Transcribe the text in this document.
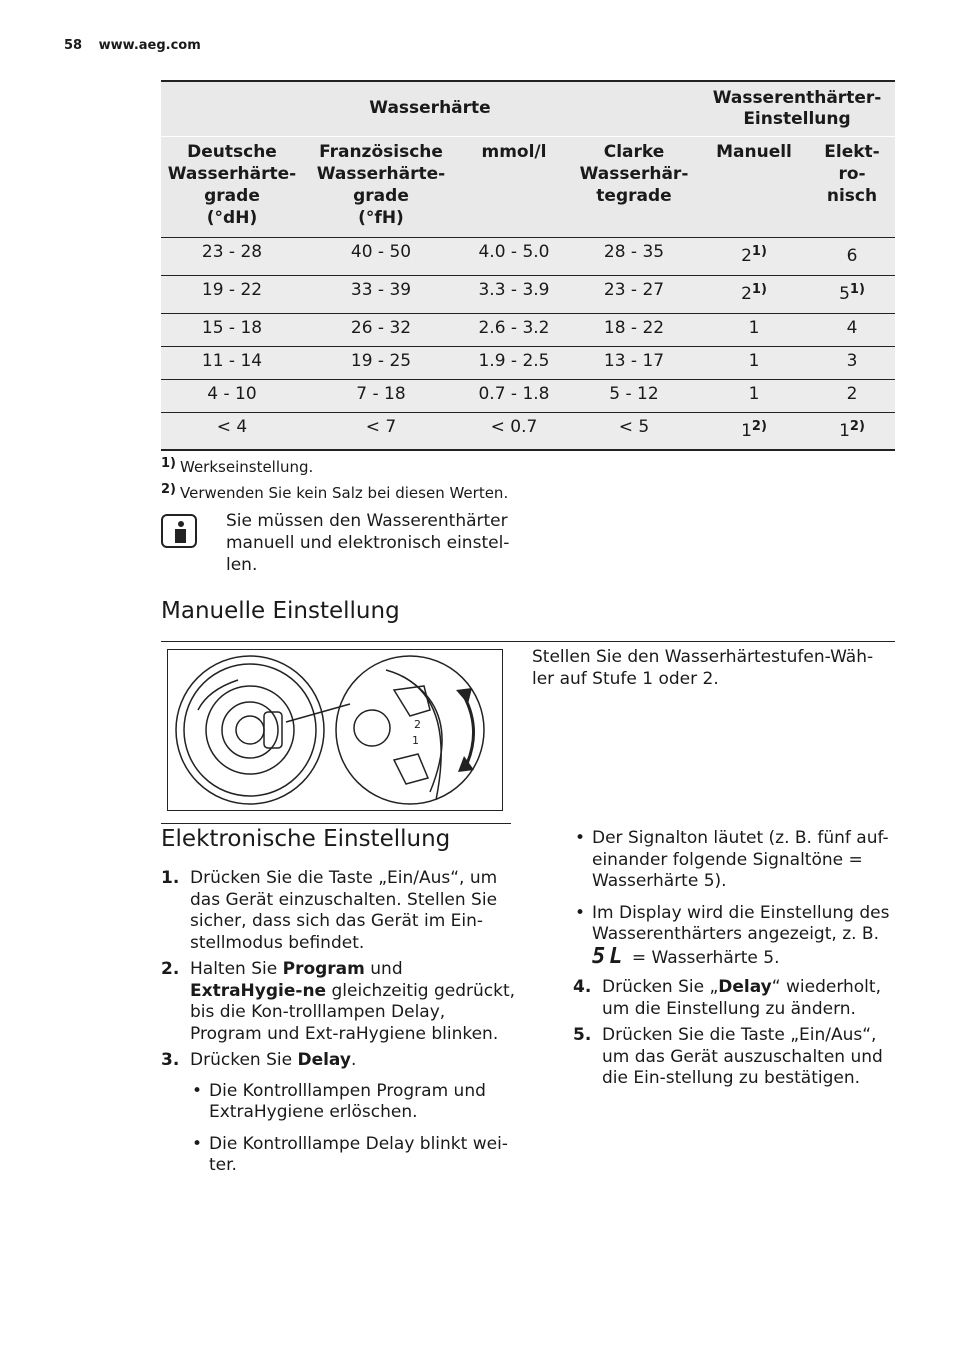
58 www.aeg.com
Wasserhärte				Wasserenthärter-
Einstellung	
Deutsche
Wasserhärte-
grade
(°dH)	Französische
Wasserhärte-
grade
(°fH)	mmol/l	Clarke
Wasserhär-
tegrade	Manuell	Elekt-
ro-
nisch
23 - 28	40 - 50	4.0 - 5.0	28 - 35	2$^{1)}$	6
19 - 22	33 - 39	3.3 - 3.9	23 - 27	2$^{1)}$	5$^{1)}$
15 - 18	26 - 32	2.6 - 3.2	18 - 22	1	4
11 - 14	19 - 25	1.9 - 2.5	13 - 17	1	3
4 - 10	7 - 18	0.7 - 1.8	5 - 12	1	2
< 4	< 7	< 0.7	< 5	1$^{2)}$	1$^{2)}$
1) Werkseinstellung.
2) Verwenden Sie kein Salz bei diesen Werten.
Sie müssen den Wasserenthärter manuell und elektronisch einstel-len.
Manuelle Einstellung
2
1
Stellen Sie den Wasserhärtestufen-Wäh-ler auf Stufe 1 oder 2.
Elektronische Einstellung
1. Drücken Sie die Taste „Ein/Aus“, um das Gerät einzuschalten. Stellen Sie sicher, dass sich das Gerät im Ein-stellmodus befindet.
2. Halten Sie Program und ExtraHygie-ne gleichzeitig gedrückt, bis die Kon-trolllampen Delay, Program und Ext-raHygiene blinken.
3. Drücken Sie Delay.
• Die Kontrolllampen Program und ExtraHygiene erlöschen.
• Die Kontrolllampe Delay blinkt wei-ter.
• Der Signalton läutet (z. B. fünf auf-einander folgende Signaltöne = Wasserhärte 5).
• Im Display wird die Einstellung des Wasserenthärters angezeigt, z. B.
5L = Wasserhärte 5.
4. Drücken Sie „Delay“ wiederholt, um die Einstellung zu ändern.
5. Drücken Sie die Taste „Ein/Aus“, um das Gerät auszuschalten und die Ein-stellung zu bestätigen.
